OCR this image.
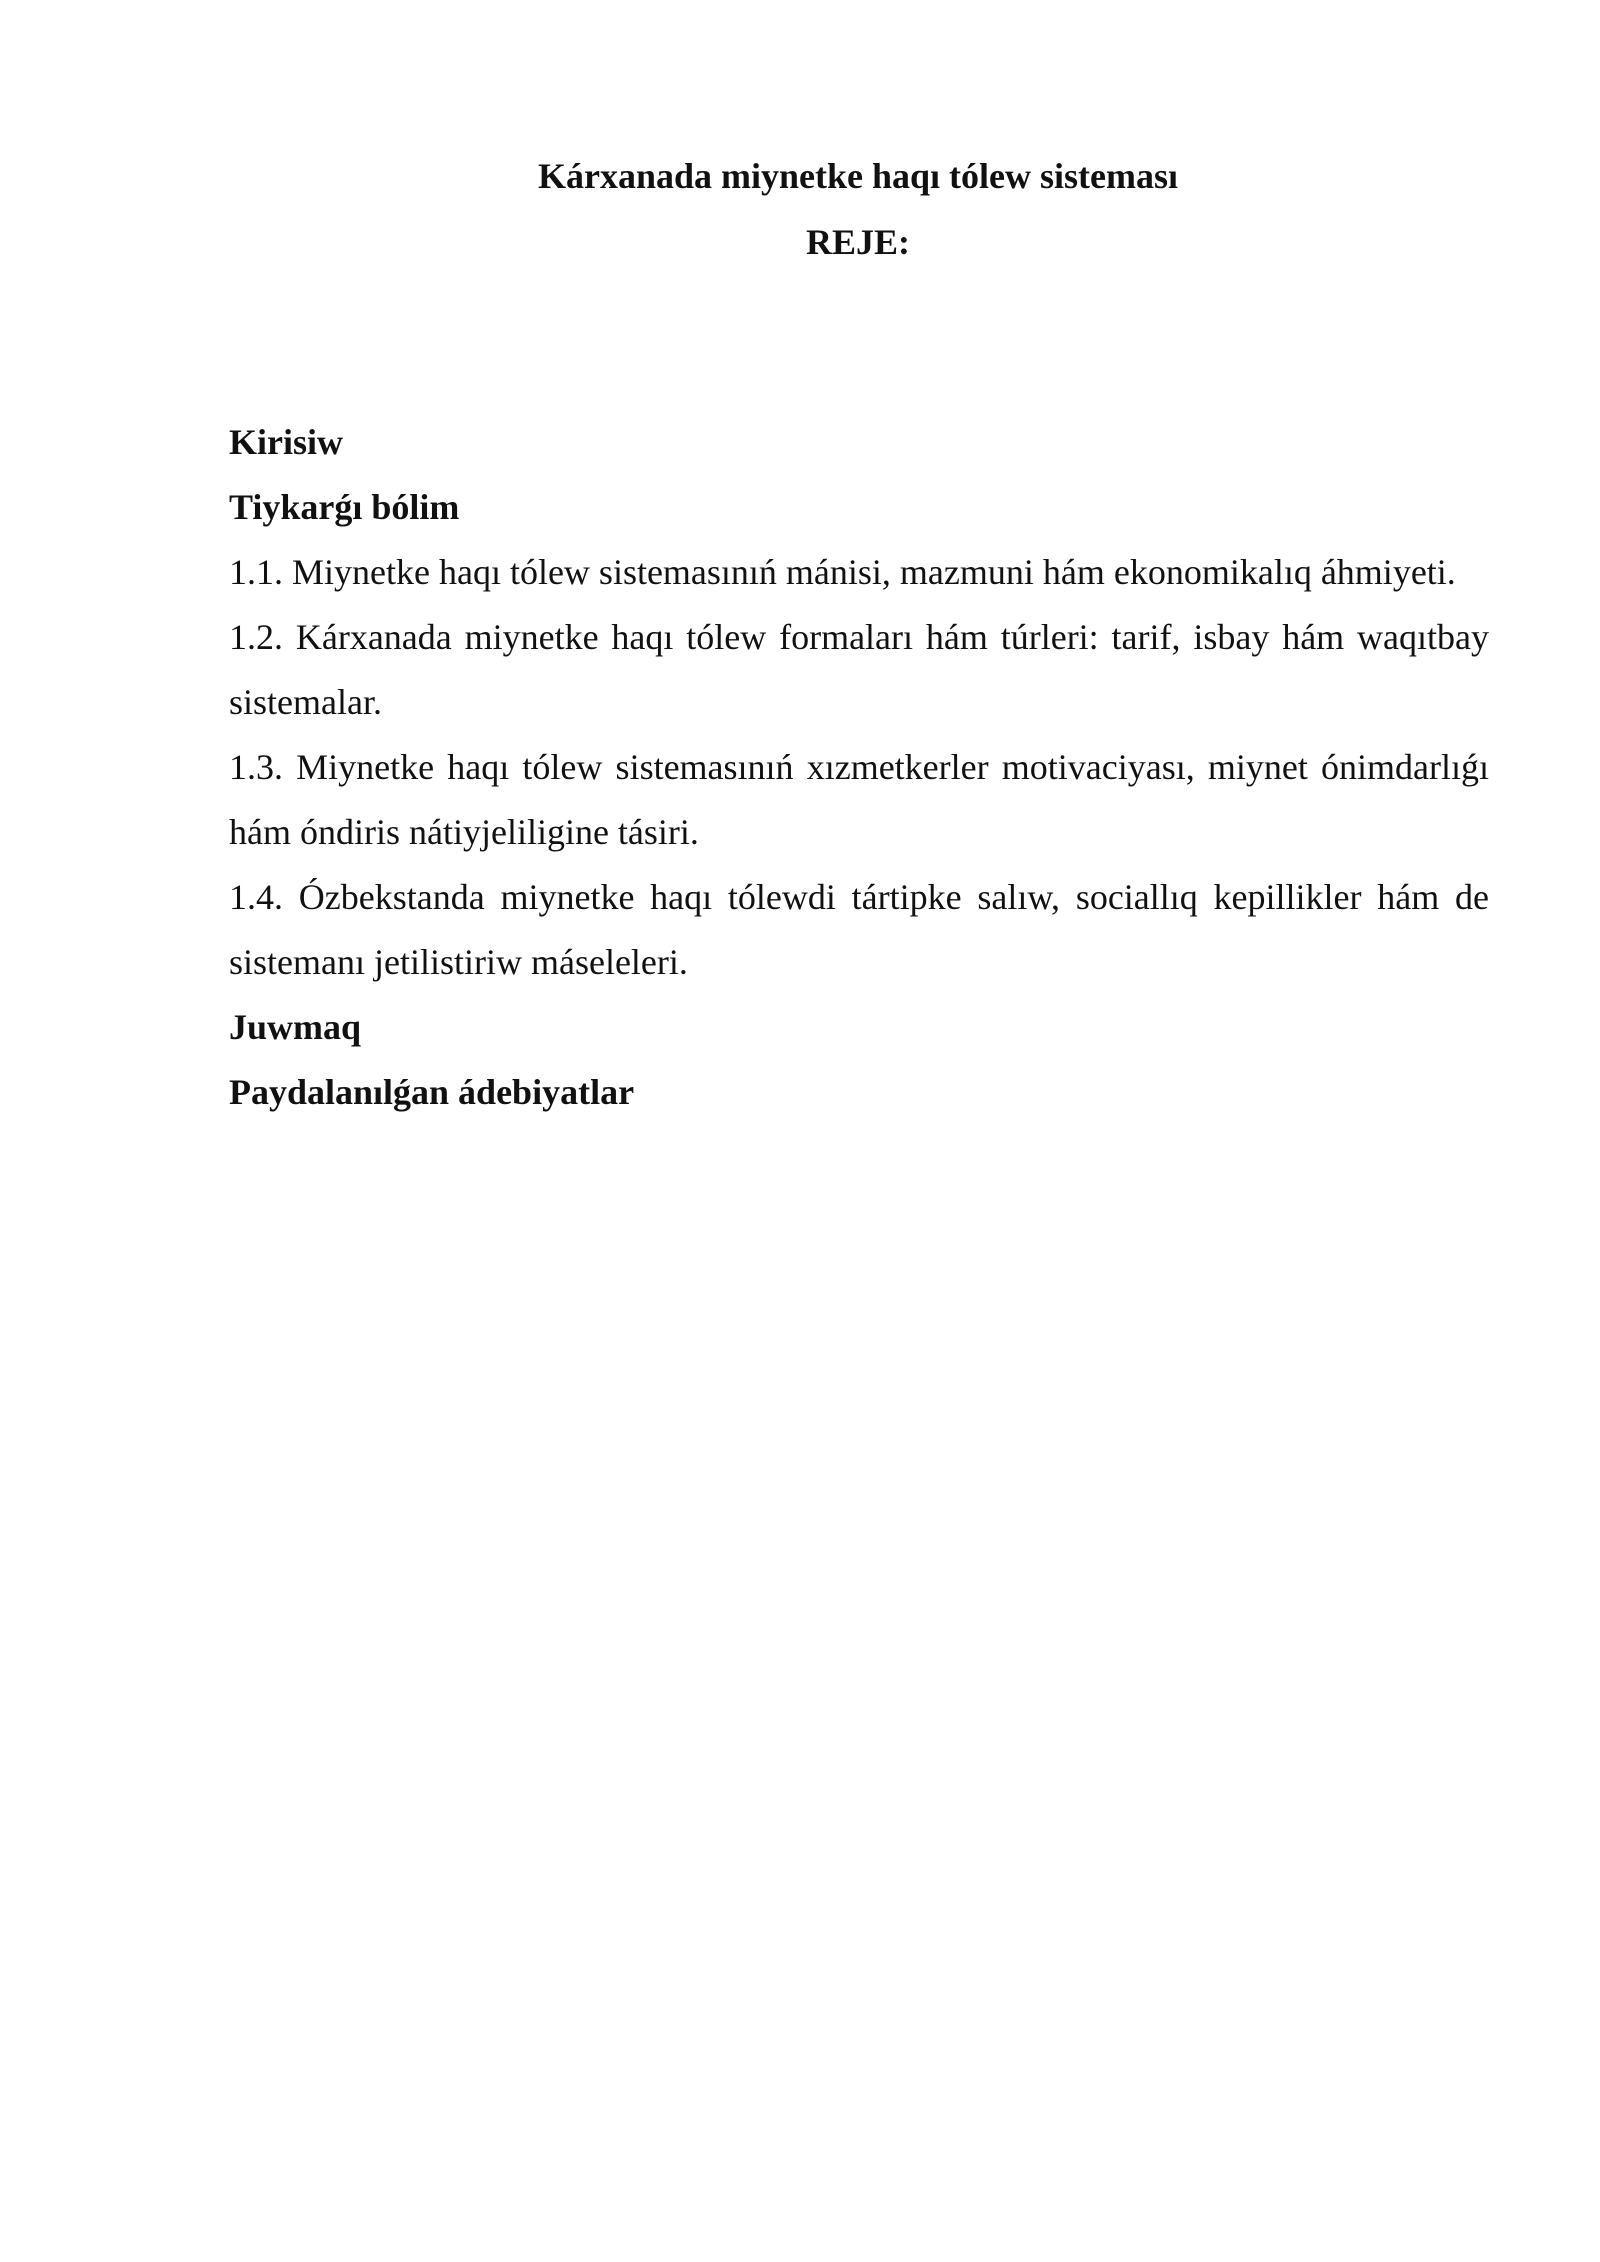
Kárxanada miynetke haqı tólew sisteması

REJE:

Kirisiw

Tiykarǵı bólim

1.1. Miynetke haqı tólew sistemasınıń mánisi, mazmuni hám ekonomikalıq áhmiyeti.

1.2. Kárxanada miynetke haqı tólew formaları hám túrleri: tarif, isbay hám waqıtbay sistemalar.

1.3. Miynetke haqı tólew sistemasınıń xızmetkerler motivaciyası, miynet ónimdarlıǵı hám óndiris nátiyjeliligine tásiri.

1.4. Ózbekstanda miynetke haqı tólewdi tártipke salıw, sociallıq kepillikler hám de sistemanı jetilistiriw máseleleri.

Juwmaq

Paydalanılǵan ádebiyatlar
